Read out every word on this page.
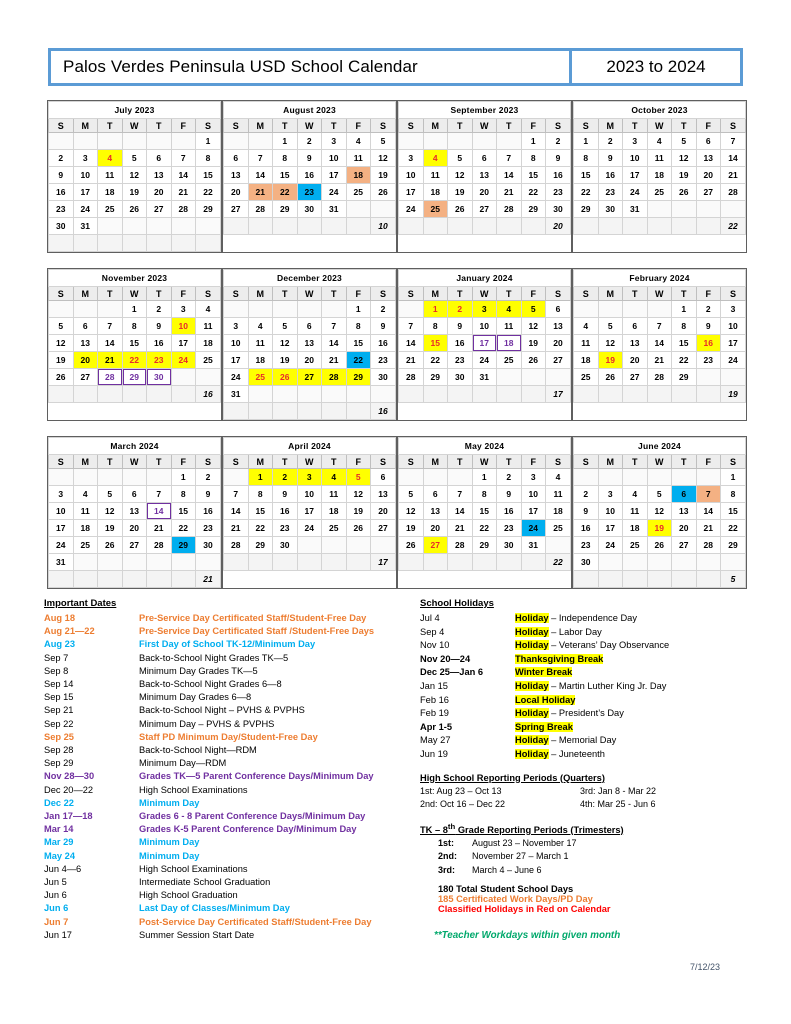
Palos Verdes Peninsula USD School Calendar	2023 to 2024
July 2023						
S	M	T	W	T	F	S
						1
2	3	4	5	6	7	8
9	10	11	12	13	14	15
16	17	18	19	20	21	22
23	24	25	26	27	28	29
30	31					

August 2023						
S	M	T	W	T	F	S
		1	2	3	4	5
6	7	8	9	10	11	12
13	14	15	16	17	18	19
20	21	22	23	24	25	26
27	28	29	30	31		
						10
September 2023						
S	M	T	W	T	F	S
					1	2
3	4	5	6	7	8	9
10	11	12	13	14	15	16
17	18	19	20	21	22	23
24	25	26	27	28	29	30
						20
October 2023						
S	M	T	W	T	F	S
1	2	3	4	5	6	7
8	9	10	11	12	13	14
15	16	17	18	19	20	21
22	23	24	25	26	27	28
29	30	31				
						22
November 2023						
S	M	T	W	T	F	S
			1	2	3	4
5	6	7	8	9	10	11
12	13	14	15	16	17	18
19	20	21	22	23	24	25
26	27	28	29	30		
						16
December 2023						
S	M	T	W	T	F	S
					1	2
3	4	5	6	7	8	9
10	11	12	13	14	15	16
17	18	19	20	21	22	23
24	25	26	27	28	29	30
31						
						16
January 2024						
S	M	T	W	T	F	S
	1	2	3	4	5	6
7	8	9	10	11	12	13
14	15	16	17	18	19	20
21	22	23	24	25	26	27
28	29	30	31			
						17
February 2024						
S	M	T	W	T	F	S
				1	2	3
4	5	6	7	8	9	10
11	12	13	14	15	16	17
18	19	20	21	22	23	24
25	26	27	28	29		
						19
March 2024						
S	M	T	W	T	F	S
					1	2
3	4	5	6	7	8	9
10	11	12	13	14	15	16
17	18	19	20	21	22	23
24	25	26	27	28	29	30
31						
						21
April 2024						
S	M	T	W	T	F	S
	1	2	3	4	5	6
7	8	9	10	11	12	13
14	15	16	17	18	19	20
21	22	23	24	25	26	27
28	29	30				
						17
May 2024						
S	M	T	W	T	F	S
			1	2	3	4
5	6	7	8	9	10	11
12	13	14	15	16	17	18
19	20	21	22	23	24	25
26	27	28	29	30	31	
						22
June 2024						
S	M	T	W	T	F	S
						1
2	3	4	5	6	7	8
9	10	11	12	13	14	15
16	17	18	19	20	21	22
23	24	25	26	27	28	29
30						
						5
Important Dates
Aug 18	Pre-Service Day Certificated Staff/Student-Free Day
Aug 21—22	Pre-Service Day Certificated Staff /Student-Free Days
Aug 23	First Day of School TK-12/Minimum Day
Sep 7	Back-to-School Night Grades TK—5
Sep 8	Minimum Day Grades TK—5
Sep 14	Back-to-School Night Grades 6—8
Sep 15	Minimum Day Grades 6—8
Sep 21	Back-to-School Night – PVHS & PVPHS
Sep 22	Minimum Day – PVHS & PVPHS
Sep 25	Staff PD Minimum Day/Student-Free Day
Sep 28	Back-to-School Night—RDM
Sep 29	Minimum Day—RDM
Nov 28—30	Grades TK—5 Parent Conference Days/Minimum Day
Dec 20—22	High School Examinations
Dec 22	Minimum Day
Jan 17—18	Grades 6 - 8 Parent Conference Days/Minimum Day
Mar 14	Grades K-5 Parent Conference Day/Minimum Day
Mar 29	Minimum Day
May 24	Minimum Day
Jun 4—6	High School Examinations
Jun 5	Intermediate School Graduation
Jun 6	High School Graduation
Jun 6	Last Day of Classes/Minimum Day
Jun 7	Post-Service Day Certificated Staff/Student-Free Day
Jun 17	Summer Session Start Date
School Holidays
Jul 4	Holiday – Independence Day
Sep 4	Holiday – Labor Day
Nov 10	Holiday – Veterans’ Day Observance
Nov 20—24	Thanksgiving Break
Dec 25—Jan 6	Winter Break
Jan 15	Holiday – Martin Luther King Jr. Day
Feb 16	Local Holiday
Feb 19	Holiday – President’s Day
Apr 1-5	Spring Break
May 27	Holiday – Memorial Day
Jun 19	Holiday – Juneteenth
High School Reporting Periods (Quarters)
1st: Aug 23 – Oct 13	3rd: Jan 8 - Mar 22
2nd: Oct 16 – Dec 22	4th: Mar 25 - Jun 6
TK – 8th Grade Reporting Periods (Trimesters)
1st: August 23 – November 17
2nd: November 27 – March 1
3rd: March 4 – June 6
180 Total Student School Days
185 Certificated Work Days/PD Day
Classified Holidays in Red on Calendar
**Teacher Workdays within given month
7/12/23
